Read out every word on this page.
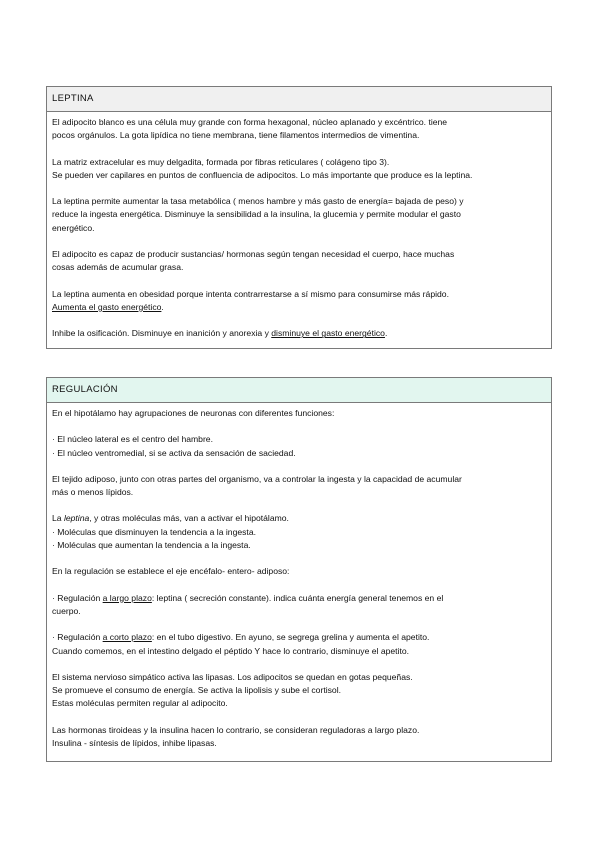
LEPTINA

El adipocito blanco es una célula muy grande con forma hexagonal, núcleo aplanado y excéntrico. tiene
pocos orgánulos. La gota lipídica no tiene membrana, tiene filamentos intermedios de vimentina.

La matriz extracelular es muy delgadita, formada por fibras reticulares ( colágeno tipo 3).
Se pueden ver capilares en puntos de confluencia de adipocitos. Lo más importante que produce es la leptina.

La leptina permite aumentar la tasa metabólica ( menos hambre y más gasto de energía= bajada de peso) y
reduce la ingesta energética. Disminuye la sensibilidad a la insulina, la glucemia y permite modular el gasto
energético.

El adipocito es capaz de producir sustancias/ hormonas según tengan necesidad el cuerpo, hace muchas
cosas además de acumular grasa.

La leptina aumenta en obesidad porque intenta contrarrestarse a sí mismo para consumirse más rápido.
Aumenta el gasto energético.

Inhibe la osificación. Disminuye en inanición y anorexia y disminuye el gasto energético.

REGULACIÓN

En el hipotálamo hay agrupaciones de neuronas con diferentes funciones:

· El núcleo lateral es el centro del hambre.
· El núcleo ventromedial, si se activa da sensación de saciedad.

El tejido adiposo, junto con otras partes del organismo, va a controlar la ingesta y la capacidad de acumular
más o menos lípidos.

La leptina, y otras moléculas más, van a activar el hipotálamo.
· Moléculas que disminuyen la tendencia a la ingesta.
· Moléculas que aumentan la tendencia a la ingesta.

En la regulación se establece el eje encéfalo- entero- adiposo:

· Regulación a largo plazo: leptina ( secreción constante). indica cuánta energía general tenemos en el
cuerpo.

· Regulación a corto plazo: en el tubo digestivo. En ayuno, se segrega grelina y aumenta el apetito.
Cuando comemos, en el intestino delgado el péptido Y hace lo contrario, disminuye el apetito.

El sistema nervioso simpático activa las lipasas. Los adipocitos se quedan en gotas pequeñas.
Se promueve el consumo de energía. Se activa la lipolisis y sube el cortisol.
Estas moléculas permiten regular al adipocito.

Las hormonas tiroideas y la insulina hacen lo contrario, se consideran reguladoras a largo plazo.
Insulina - síntesis de lípidos, inhibe lipasas.
